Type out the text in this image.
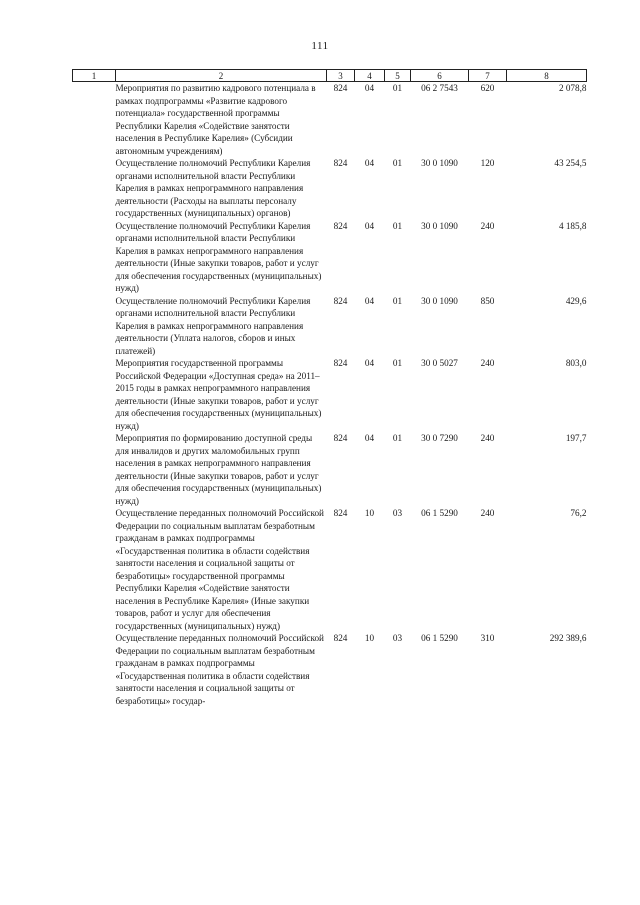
111
1	2	3	4	5	6	7	8
	Мероприятия по развитию кадрового потенциала в рамках подпрограммы «Развитие кадрового потенциала» государственной программы Республики Карелия «Содействие занятости населения в Республике Карелия» (Субсидии автономным учреждениям)	824	04	01	06 2 7543	620	2 078,8
	Осуществление полномочий Республики Карелия органами исполнительной власти Республики Карелия в рамках непрограммного направления деятельности (Расходы на выплаты персоналу государственных (муниципальных) органов)	824	04	01	30 0 1090	120	43 254,5
	Осуществление полномочий Республики Карелия органами исполнительной власти Республики Карелия в рамках непрограммного направления деятельности (Иные закупки товаров, работ и услуг для обеспечения государственных (муниципальных) нужд)	824	04	01	30 0 1090	240	4 185,8
	Осуществление полномочий Республики Карелия органами исполнительной власти Республики Карелия в рамках непрограммного направления деятельности (Уплата налогов, сборов и иных платежей)	824	04	01	30 0 1090	850	429,6
	Мероприятия государственной программы Российской Федерации «Доступная среда» на 2011–2015 годы в рамках непрограммного направления деятельности (Иные закупки товаров, работ и услуг для обеспечения государственных (муниципальных) нужд)	824	04	01	30 0 5027	240	803,0
	Мероприятия по формированию доступной среды для инвалидов и других маломобильных групп населения в рамках непрограммного направления деятельности (Иные закупки товаров, работ и услуг для обеспечения государственных (муниципальных) нужд)	824	04	01	30 0 7290	240	197,7
	Осуществление переданных полномочий Российской Федерации по социальным выплатам безработным гражданам в рамках подпрограммы «Государственная политика в области содействия занятости населения и социальной защиты от безработицы» государственной программы Республики Карелия «Содействие занятости населения в Республике Карелия» (Иные закупки товаров, работ и услуг для обеспечения государственных (муниципальных) нужд)	824	10	03	06 1 5290	240	76,2
	Осуществление переданных полномочий Российской Федерации по социальным выплатам безработным гражданам в рамках подпрограммы «Государственная политика в области содействия занятости населения и социальной защиты от безработицы» государ-	824	10	03	06 1 5290	310	292 389,6
